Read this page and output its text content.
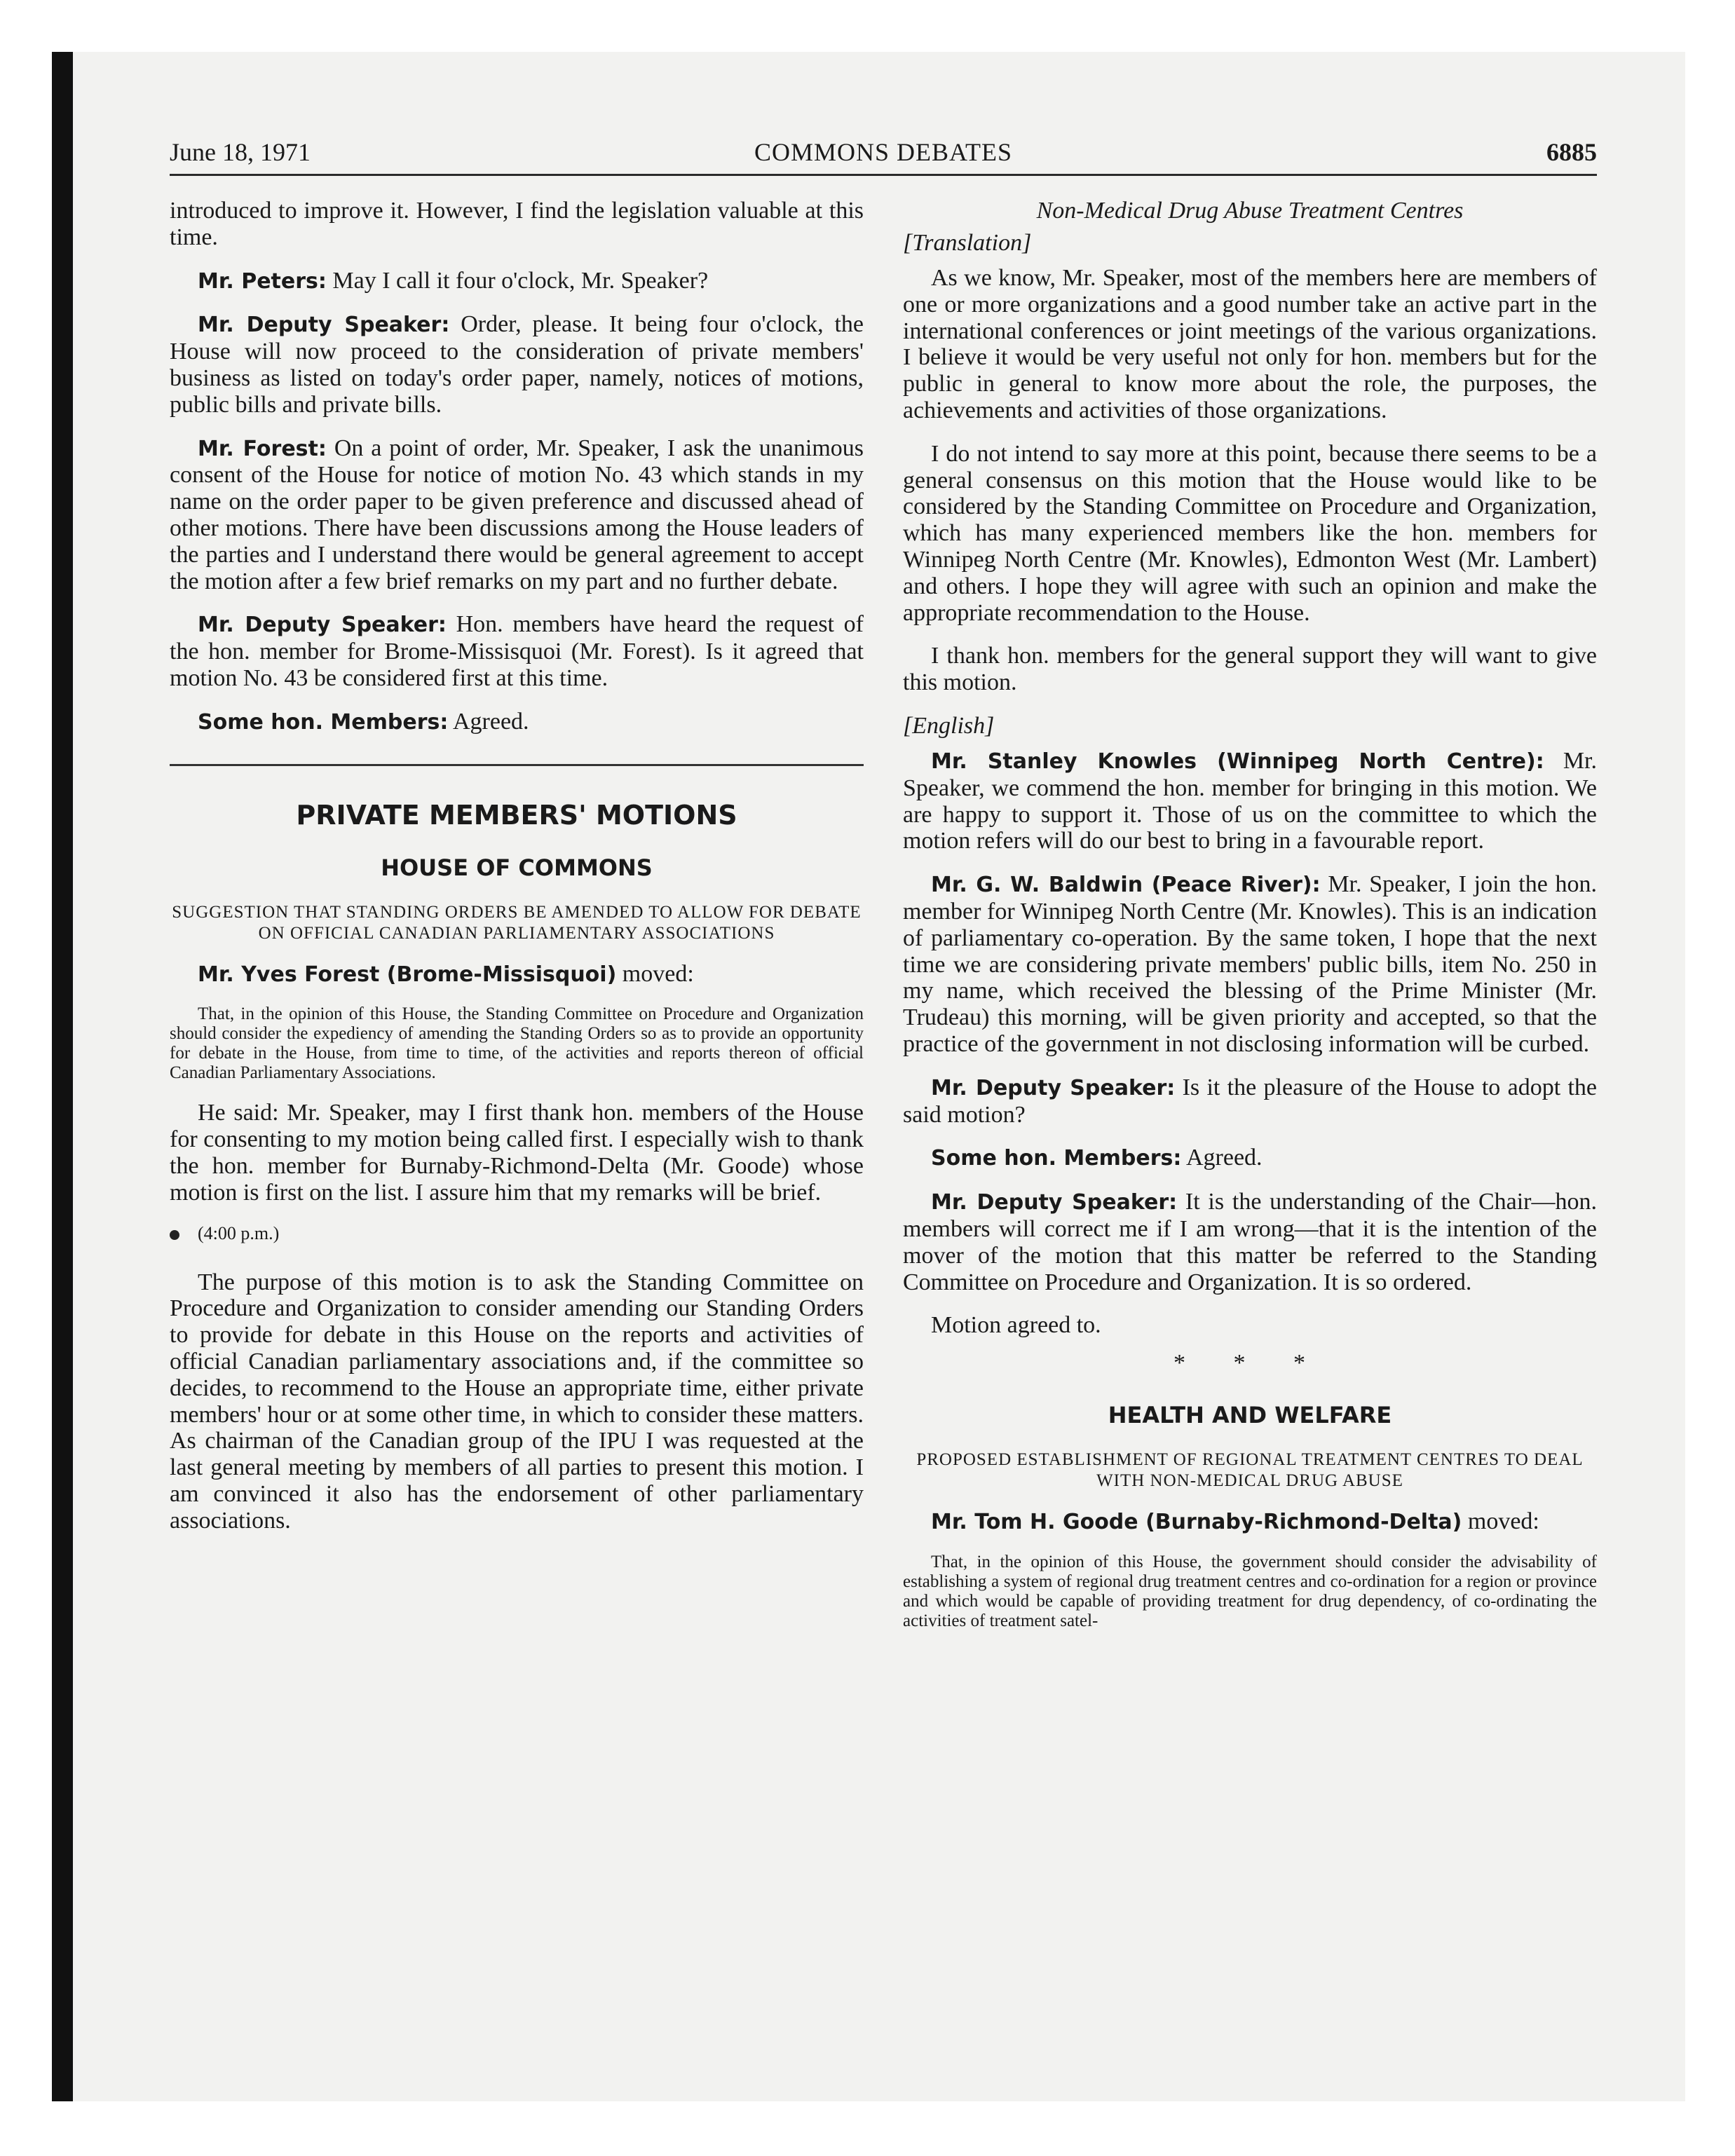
June 18, 1971	COMMONS DEBATES	6885

introduced to improve it. However, I find the legislation valuable at this time.

Mr. Peters: May I call it four o'clock, Mr. Speaker?

Mr. Deputy Speaker: Order, please. It being four o'clock, the House will now proceed to the consideration of private members' business as listed on today's order paper, namely, notices of motions, public bills and private bills.

Mr. Forest: On a point of order, Mr. Speaker, I ask the unanimous consent of the House for notice of motion No. 43 which stands in my name on the order paper to be given preference and discussed ahead of other motions. There have been discussions among the House leaders of the parties and I understand there would be general agreement to accept the motion after a few brief remarks on my part and no further debate.

Mr. Deputy Speaker: Hon. members have heard the request of the hon. member for Brome-Missisquoi (Mr. Forest). Is it agreed that motion No. 43 be considered first at this time.

Some hon. Members: Agreed.

PRIVATE MEMBERS' MOTIONS
HOUSE OF COMMONS
SUGGESTION THAT STANDING ORDERS BE AMENDED TO ALLOW FOR DEBATE ON OFFICIAL CANADIAN PARLIAMENTARY ASSOCIATIONS

Mr. Yves Forest (Brome-Missisquoi) moved:

That, in the opinion of this House, the Standing Committee on Procedure and Organization should consider the expediency of amending the Standing Orders so as to provide an opportunity for debate in the House, from time to time, of the activities and reports thereon of official Canadian Parliamentary Associations.

He said: Mr. Speaker, may I first thank hon. members of the House for consenting to my motion being called first. I especially wish to thank the hon. member for Burnaby-Richmond-Delta (Mr. Goode) whose motion is first on the list. I assure him that my remarks will be brief.

(4:00 p.m.)

The purpose of this motion is to ask the Standing Committee on Procedure and Organization to consider amending our Standing Orders to provide for debate in this House on the reports and activities of official Canadian parliamentary associations and, if the committee so decides, to recommend to the House an appropriate time, either private members' hour or at some other time, in which to consider these matters. As chairman of the Canadian group of the IPU I was requested at the last general meeting by members of all parties to present this motion. I am convinced it also has the endorsement of other parliamentary associations.

Non-Medical Drug Abuse Treatment Centres
[Translation]

As we know, Mr. Speaker, most of the members here are members of one or more organizations and a good number take an active part in the international conferences or joint meetings of the various organizations. I believe it would be very useful not only for hon. members but for the public in general to know more about the role, the purposes, the achievements and activities of those organizations.

I do not intend to say more at this point, because there seems to be a general consensus on this motion that the House would like to be considered by the Standing Committee on Procedure and Organization, which has many experienced members like the hon. members for Winnipeg North Centre (Mr. Knowles), Edmonton West (Mr. Lambert) and others. I hope they will agree with such an opinion and make the appropriate recommendation to the House.

I thank hon. members for the general support they will want to give this motion.

[English]

Mr. Stanley Knowles (Winnipeg North Centre): Mr. Speaker, we commend the hon. member for bringing in this motion. We are happy to support it. Those of us on the committee to which the motion refers will do our best to bring in a favourable report.

Mr. G. W. Baldwin (Peace River): Mr. Speaker, I join the hon. member for Winnipeg North Centre (Mr. Knowles). This is an indication of parliamentary co-operation. By the same token, I hope that the next time we are considering private members' public bills, item No. 250 in my name, which received the blessing of the Prime Minister (Mr. Trudeau) this morning, will be given priority and accepted, so that the practice of the government in not disclosing information will be curbed.

Mr. Deputy Speaker: Is it the pleasure of the House to adopt the said motion?

Some hon. Members: Agreed.

Mr. Deputy Speaker: It is the understanding of the Chair—hon. members will correct me if I am wrong—that it is the intention of the mover of the motion that this matter be referred to the Standing Committee on Procedure and Organization. It is so ordered.

Motion agreed to.

* * *
HEALTH AND WELFARE
PROPOSED ESTABLISHMENT OF REGIONAL TREATMENT CENTRES TO DEAL WITH NON-MEDICAL DRUG ABUSE

Mr. Tom H. Goode (Burnaby-Richmond-Delta) moved:

That, in the opinion of this House, the government should consider the advisability of establishing a system of regional drug treatment centres and co-ordination for a region or province and which would be capable of providing treatment for drug dependency, of co-ordinating the activities of treatment satel-
